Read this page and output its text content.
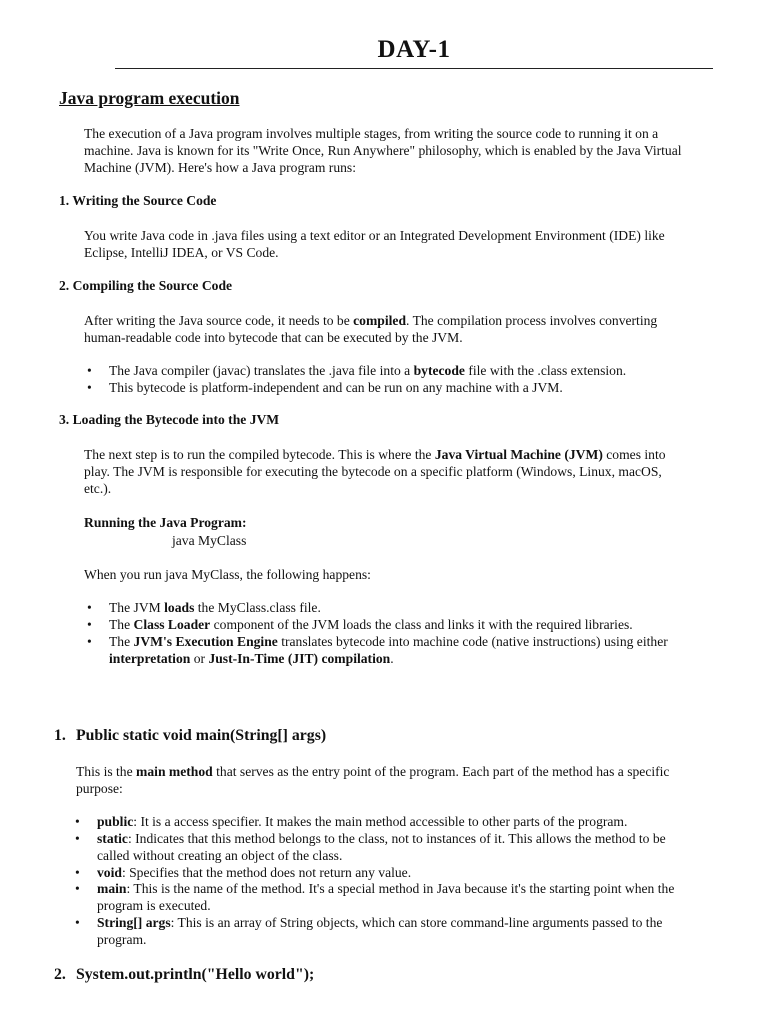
DAY-1
Java program execution
The execution of a Java program involves multiple stages, from writing the source code to running it on a
machine. Java is known for its "Write Once, Run Anywhere" philosophy, which is enabled by the Java Virtual
Machine (JVM). Here's how a Java program runs:
1. Writing the Source Code
You write Java code in .java files using a text editor or an Integrated Development Environment (IDE) like
Eclipse, IntelliJ IDEA, or VS Code.
2. Compiling the Source Code
After writing the Java source code, it needs to be compiled. The compilation process involves converting
human-readable code into bytecode that can be executed by the JVM.
• The Java compiler (javac) translates the .java file into a bytecode file with the .class extension.
• This bytecode is platform-independent and can be run on any machine with a JVM.
3. Loading the Bytecode into the JVM
The next step is to run the compiled bytecode. This is where the Java Virtual Machine (JVM) comes into
play. The JVM is responsible for executing the bytecode on a specific platform (Windows, Linux, macOS,
etc.).
Running the Java Program:
java MyClass
When you run java MyClass, the following happens:
• The JVM loads the MyClass.class file.
• The Class Loader component of the JVM loads the class and links it with the required libraries.
• The JVM's Execution Engine translates bytecode into machine code (native instructions) using either
interpretation or Just-In-Time (JIT) compilation.
1. Public static void main(String[] args)
This is the main method that serves as the entry point of the program. Each part of the method has a specific
purpose:
• public: It is a access specifier. It makes the main method accessible to other parts of the program.
• static: Indicates that this method belongs to the class, not to instances of it. This allows the method to be
called without creating an object of the class.
• void: Specifies that the method does not return any value.
• main: This is the name of the method. It's a special method in Java because it's the starting point when the
program is executed.
• String[] args: This is an array of String objects, which can store command-line arguments passed to the
program.
2. System.out.println("Hello world");
